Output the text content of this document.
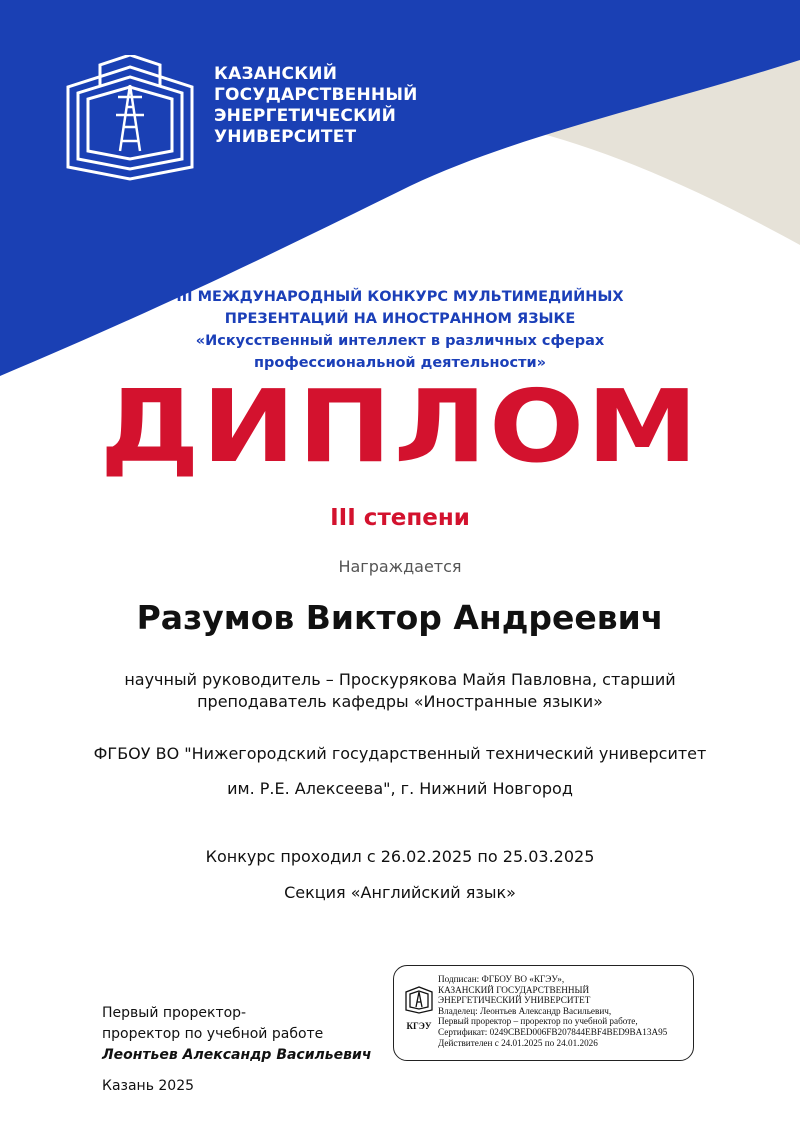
КАЗАНСКИЙ
ГОСУДАРСТВЕННЫЙ
ЭНЕРГЕТИЧЕСКИЙ
УНИВЕРСИТЕТ
III МЕЖДУНАРОДНЫЙ КОНКУРС МУЛЬТИМЕДИЙНЫХ
ПРЕЗЕНТАЦИЙ НА ИНОСТРАННОМ ЯЗЫКЕ
«Искусственный интеллект в различных сферах
профессиональной деятельности»
ДИПЛОМ
III степени
Награждается
Разумов Виктор Андреевич
научный руководитель – Проскурякова Майя Павловна, старший
преподаватель кафедры «Иностранные языки»
ФГБОУ ВО "Нижегородский государственный технический университет
им. Р.Е. Алексеева", г. Нижний Новгород
Конкурс проходил с 26.02.2025 по 25.03.2025
Секция «Английский язык»
Первый проректор-
проректор по учебной работе
Леонтьев Александр Васильевич
Казань 2025
КГЭУ
Подписан: ФГБОУ ВО «КГЭУ»,
КАЗАНСКИЙ ГОСУДАРСТВЕННЫЙ
ЭНЕРГЕТИЧЕСКИЙ УНИВЕРСИТЕТ
Владелец: Леонтьев Александр Васильевич,
Первый проректор – проректор по учебной работе,
Сертификат: 0249CBED006FB207844EBF4BED9BA13A95
Действителен с 24.01.2025 по 24.01.2026
